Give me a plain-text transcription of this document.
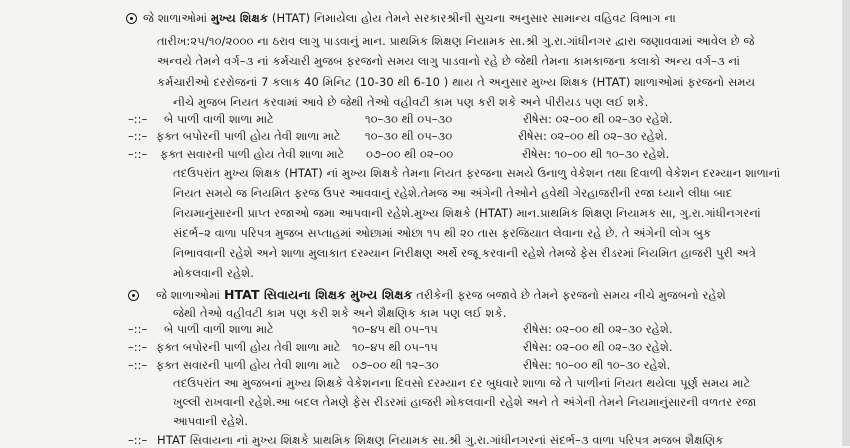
જે શાળાઓમાં મુખ્ય શિક્ષક (HTAT) નિમાયેલા હોય તેમને સરકારશ્રીની સુચના અનુસાર સામાન્ય વહિવટ વિભાગ ના
તારીખ:૨૫/૧૦/૨૦૦૦ ના ઠરાવ લાગુ પાડવાનું માન. પ્રાથમિક શિક્ષણ નિયામક સા.શ્રી ગુ.રા.ગાંધીનગર દ્વારા જણાવવામાં આવેલ છે જે
અન્વયે તેમને વર્ગ–૩ નાં કર્મચારી મુજબ ફરજનો સમય લાગુ પાડવાનો રહે છે જેથી તેમના કામકાજના કલાકો અન્ય વર્ગ–૩ નાં
કર્મચારીઓ દરરોજનાં 7 કલાક 40 મિનિટ (10-30 થી 6-10 ) થાય તે અનુસાર મુખ્ય શિક્ષક (HTAT) શાળાઓમાં ફરજનો સમય
નીચે મુજબ નિયત કરવામાં આવે છે જેથી તેઓ વહીવટી કામ પણ કરી શકે અને પીરીયડ પણ લઈ શકે.
–::– બે પાળી વાળી શાળા માટે	૧૦–૩૦ થી ૦૫–૩૦	રીષેસ: ૦૨–૦૦ થી ૦૨–૩૦ રહેશે.
–::– ફક્ત બપોરની પાળી હોય તેવી શાળા માટે ૧૦–૩૦ થી ૦૫–૩૦	રીષેસ: ૦૨–૦૦ થી ૦૨–૩૦ રહેશે.
–::– ફક્ત સવારની પાળી હોય તેવી શાળા માટે ૦૭–૦૦ થી ૦૨–૦૦	રીષેસ: ૧૦–૦૦ થી ૧૦–૩૦ રહેશે.
તદઉપરાંત મુખ્ય શિક્ષક (HTAT) નાં મુખ્ય શિક્ષકે તેમના નિયત ફરજના સમયે ઉનાળુ વેકેશન તથા દિવાળી વેકેશન દરમ્યાન શાળાનાં
નિયત સમયે જ નિયમિત ફરજ ઉપર આવવાનું રહેશે.તેમજ આ અંગેની તેઓને હવેથી ગેરહાજરીની રજા ધ્યાને લીધા બાદ
નિયમાનુંસારની પ્રાપ્ત રજાઓ જમા આપવાની રહેશે.મુખ્ય શિક્ષકે (HTAT) માન.પ્રાથમિક શિક્ષણ નિયામક સા, ગુ.રા.ગાંધીનગરનાં
સંદર્ભ–૨ વાળા પરિપત્ર મુજબ સપ્તાહમાં ઓછામાં ઓછા ૧૫ થી ૨૦ તાસ ફરજિયાત લેવાના રહે છે. તે અંગેની લોગ બુક
નિભાવવાની રહેશે અને શાળા મુલાકાત દરમ્યાન નિરીક્ષણ અર્થે રજૂ કરવાની રહેશે તેમજે ફેસ રીડરમાં નિયમિત હાજરી પુરી અત્રે
મોકલવાની રહેશે.
જે શાળાઓમાં HTAT સિવાયના શિક્ષક મુખ્ય શિક્ષક તરીકેની ફરજ બજાવે છે તેમને ફરજનો સમય નીચે મુજબનો રહેશે
જેથી તેઓ વહીવટી કામ પણ કરી શકે અને શૈક્ષણિક કામ પણ લઈ શકે.
–::– બે પાળી વાળી શાળા માટે	૧૦–૪૫ થી ૦૫–૧૫	રીષેસ: ૦૨–૦૦ થી ૦૨–૩૦ રહેશે.
–::– ફક્ત બપોરની પાળી હોય તેવી શાળા માટે ૧૦–૪૫ થી ૦૫–૧૫	રીષેસ: ૦૨–૦૦ થી ૦૨–૩૦ રહેશે.
–::– ફક્ત સવારની પાળી હોય તેવી શાળા માટે ૦૭–૦૦ થી ૧૨–૩૦	રીષેસ: ૧૦–૦૦ થી ૧૦–૩૦ રહેશે.
તદઉપરાંત આ મુજબનાં મુખ્ય શિક્ષકે વેકેશનના દિવસો દરમ્યાન દર બુધવારે શાળા જે તે પાળીનાં નિયત થયેલા પૂર્ણ સમય માટે
ખુલ્લી રાખવાની રહેશે.આ બદલ તેમણે ફેસ રીડરમાં હાજરી મોકલવાની રહેશે અને તે અંગેની તેમને નિયમાનુંસારની વળતર રજા
આપવાની રહેશે.
–::– HTAT સિવાયના નાં મુખ્ય શિક્ષકે પ્રાથમિક શિક્ષણ નિયામક સા.શ્રી ગુ.રા.ગાંધીનગરનાં સંદર્ભ–૩ વાળા પરિપત્ર મજબ શૈક્ષણિક
